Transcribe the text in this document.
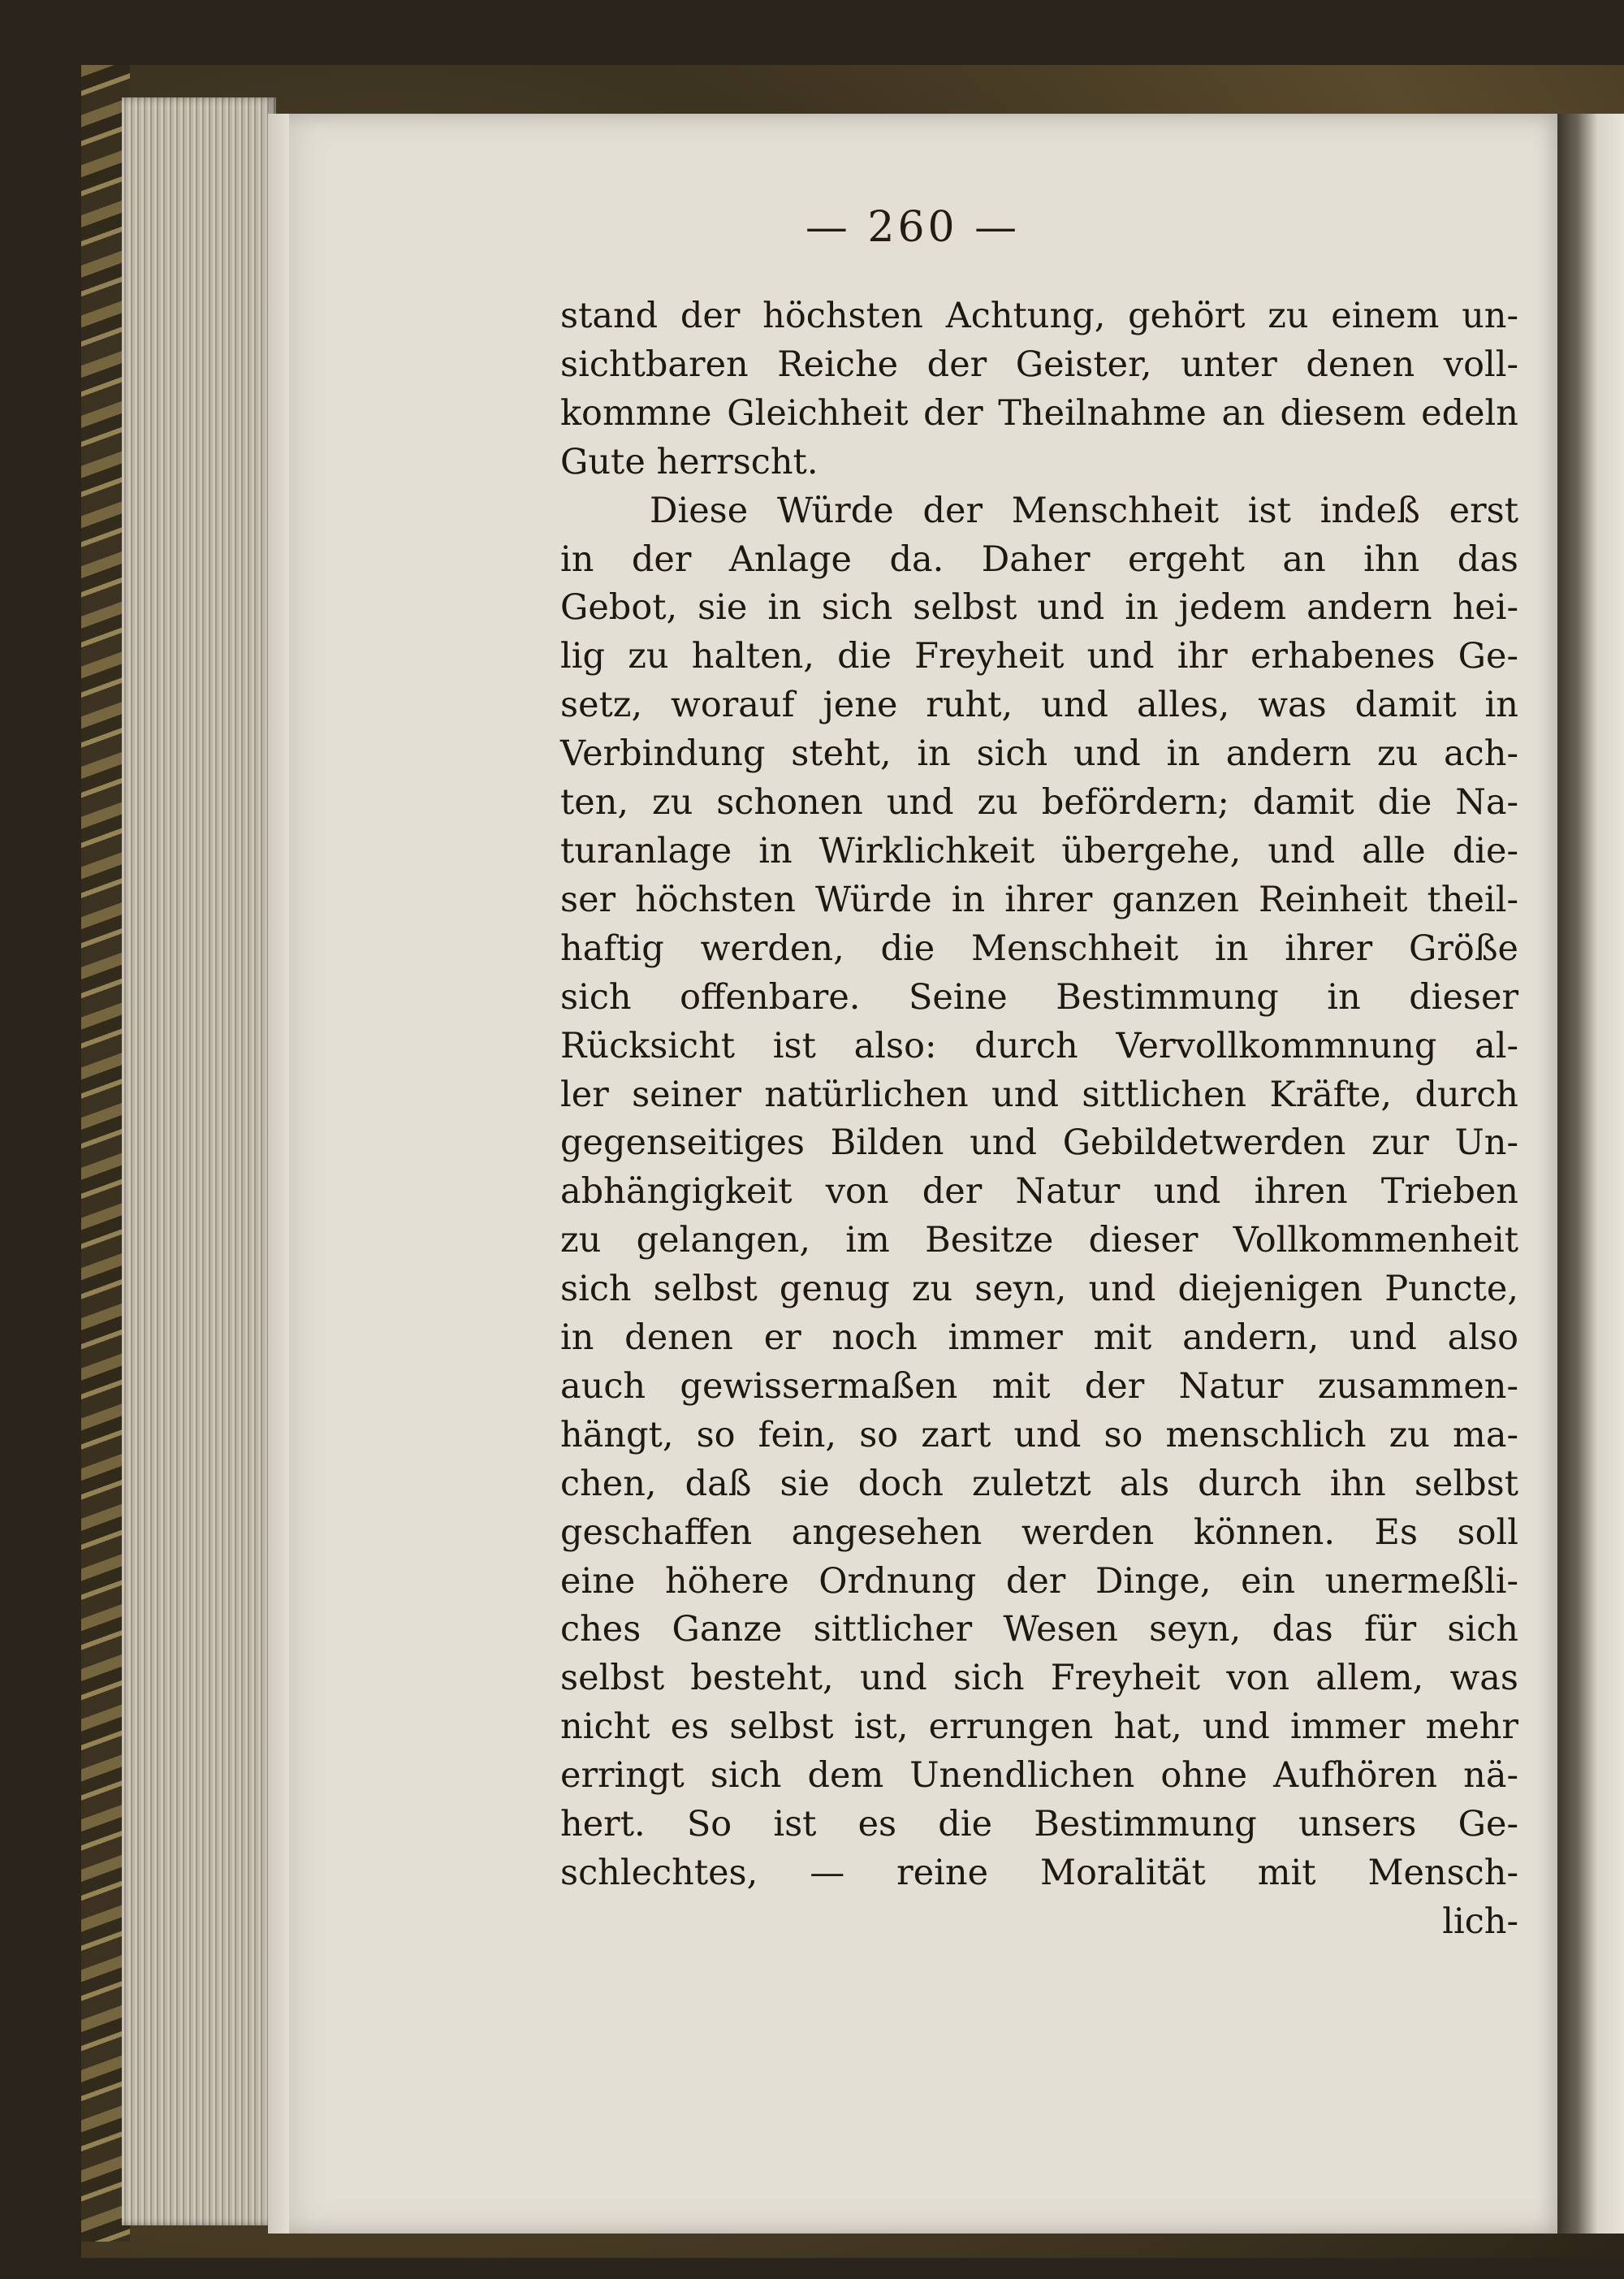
— 260 —
stand der höchsten Achtung, gehört zu einem un-
sichtbaren Reiche der Geister, unter denen voll-
kommne Gleichheit der Theilnahme an diesem edeln
Gute herrscht.
Diese Würde der Menschheit ist indeß erst
in der Anlage da. Daher ergeht an ihn das
Gebot, sie in sich selbst und in jedem andern hei-
lig zu halten, die Freyheit und ihr erhabenes Ge-
setz, worauf jene ruht, und alles, was damit in
Verbindung steht, in sich und in andern zu ach-
ten, zu schonen und zu befördern; damit die Na-
turanlage in Wirklichkeit übergehe, und alle die-
ser höchsten Würde in ihrer ganzen Reinheit theil-
haftig werden, die Menschheit in ihrer Größe
sich offenbare. Seine Bestimmung in dieser
Rücksicht ist also: durch Vervollkommnung al-
ler seiner natürlichen und sittlichen Kräfte, durch
gegenseitiges Bilden und Gebildetwerden zur Un-
abhängigkeit von der Natur und ihren Trieben
zu gelangen, im Besitze dieser Vollkommenheit
sich selbst genug zu seyn, und diejenigen Puncte,
in denen er noch immer mit andern, und also
auch gewissermaßen mit der Natur zusammen-
hängt, so fein, so zart und so menschlich zu ma-
chen, daß sie doch zuletzt als durch ihn selbst
geschaffen angesehen werden können. Es soll
eine höhere Ordnung der Dinge, ein unermeßli-
ches Ganze sittlicher Wesen seyn, das für sich
selbst besteht, und sich Freyheit von allem, was
nicht es selbst ist, errungen hat, und immer mehr
erringt sich dem Unendlichen ohne Aufhören nä-
hert. So ist es die Bestimmung unsers Ge-
schlechtes, — reine Moralität mit Mensch-
lich-
